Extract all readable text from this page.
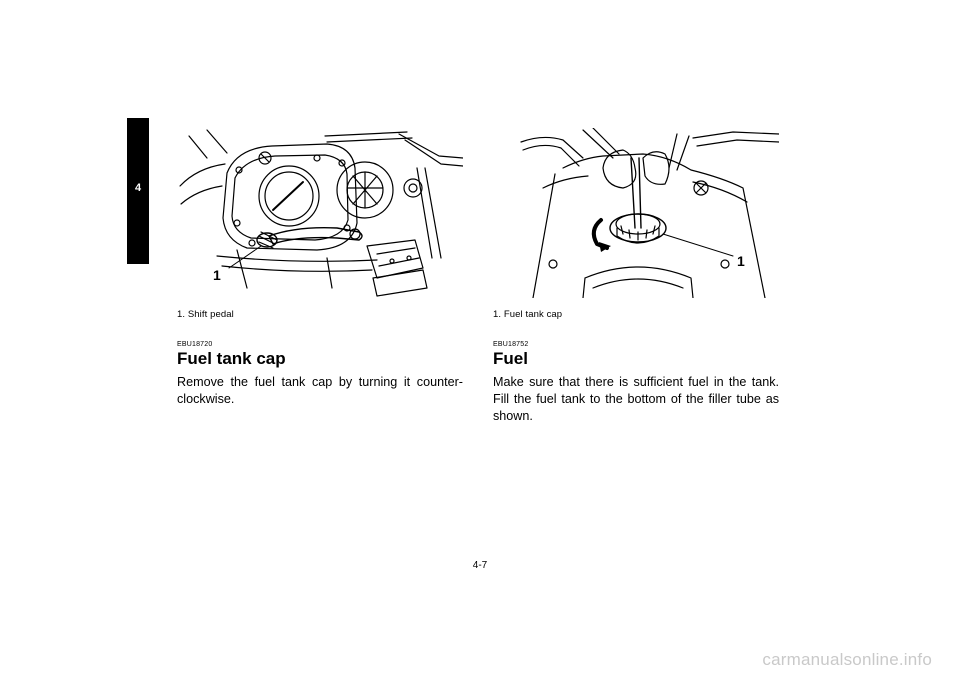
4
1
1. Shift pedal
EBU18720
Fuel tank cap
Remove the fuel tank cap by turning it counter-clockwise.
1
1. Fuel tank cap
EBU18752
Fuel
Make sure that there is sufficient fuel in the tank. Fill the fuel tank to the bottom of the filler tube as shown.
4-7
carmanualsonline.info
